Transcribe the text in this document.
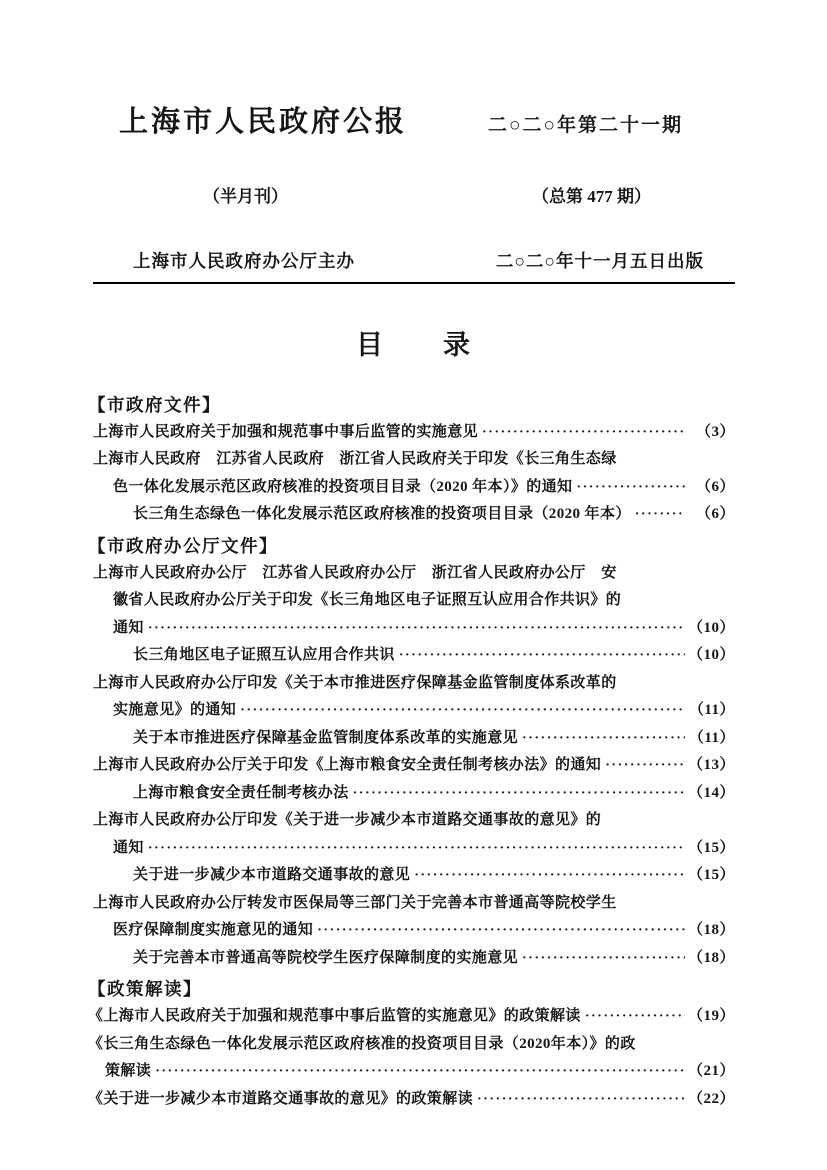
上海市人民政府公报	二○二○年第二十一期
（半月刊）	（总第 477 期）
上海市人民政府办公厅主办	二○二○年十一月五日出版
目　　录
【市政府文件】
上海市人民政府关于加强和规范事中事后监管的实施意见 ·····	（3）
上海市人民政府　江苏省人民政府　浙江省人民政府关于印发《长三角生态绿
色一体化发展示范区政府核准的投资项目目录（2020 年本）》的通知 ·····	（6）
长三角生态绿色一体化发展示范区政府核准的投资项目目录（2020 年本） ·····	（6）
【市政府办公厅文件】
上海市人民政府办公厅　江苏省人民政府办公厅　浙江省人民政府办公厅　安
徽省人民政府办公厅关于印发《长三角地区电子证照互认应用合作共识》的
通知 ·····	（10）
长三角地区电子证照互认应用合作共识 ·····	（10）
上海市人民政府办公厅印发《关于本市推进医疗保障基金监管制度体系改革的
实施意见》的通知 ·····	（11）
关于本市推进医疗保障基金监管制度体系改革的实施意见 ·····	（11）
上海市人民政府办公厅关于印发《上海市粮食安全责任制考核办法》的通知 ·····	（13）
上海市粮食安全责任制考核办法 ·····	（14）
上海市人民政府办公厅印发《关于进一步减少本市道路交通事故的意见》的
通知 ·····	（15）
关于进一步减少本市道路交通事故的意见 ·····	（15）
上海市人民政府办公厅转发市医保局等三部门关于完善本市普通高等院校学生
医疗保障制度实施意见的通知 ·····	（18）
关于完善本市普通高等院校学生医疗保障制度的实施意见 ·····	（18）
【政策解读】
《上海市人民政府关于加强和规范事中事后监管的实施意见》的政策解读 ·····	（19）
《长三角生态绿色一体化发展示范区政府核准的投资项目目录（2020年本）》的政
策解读 ·····	（21）
《关于进一步减少本市道路交通事故的意见》的政策解读 ·····	（22）
